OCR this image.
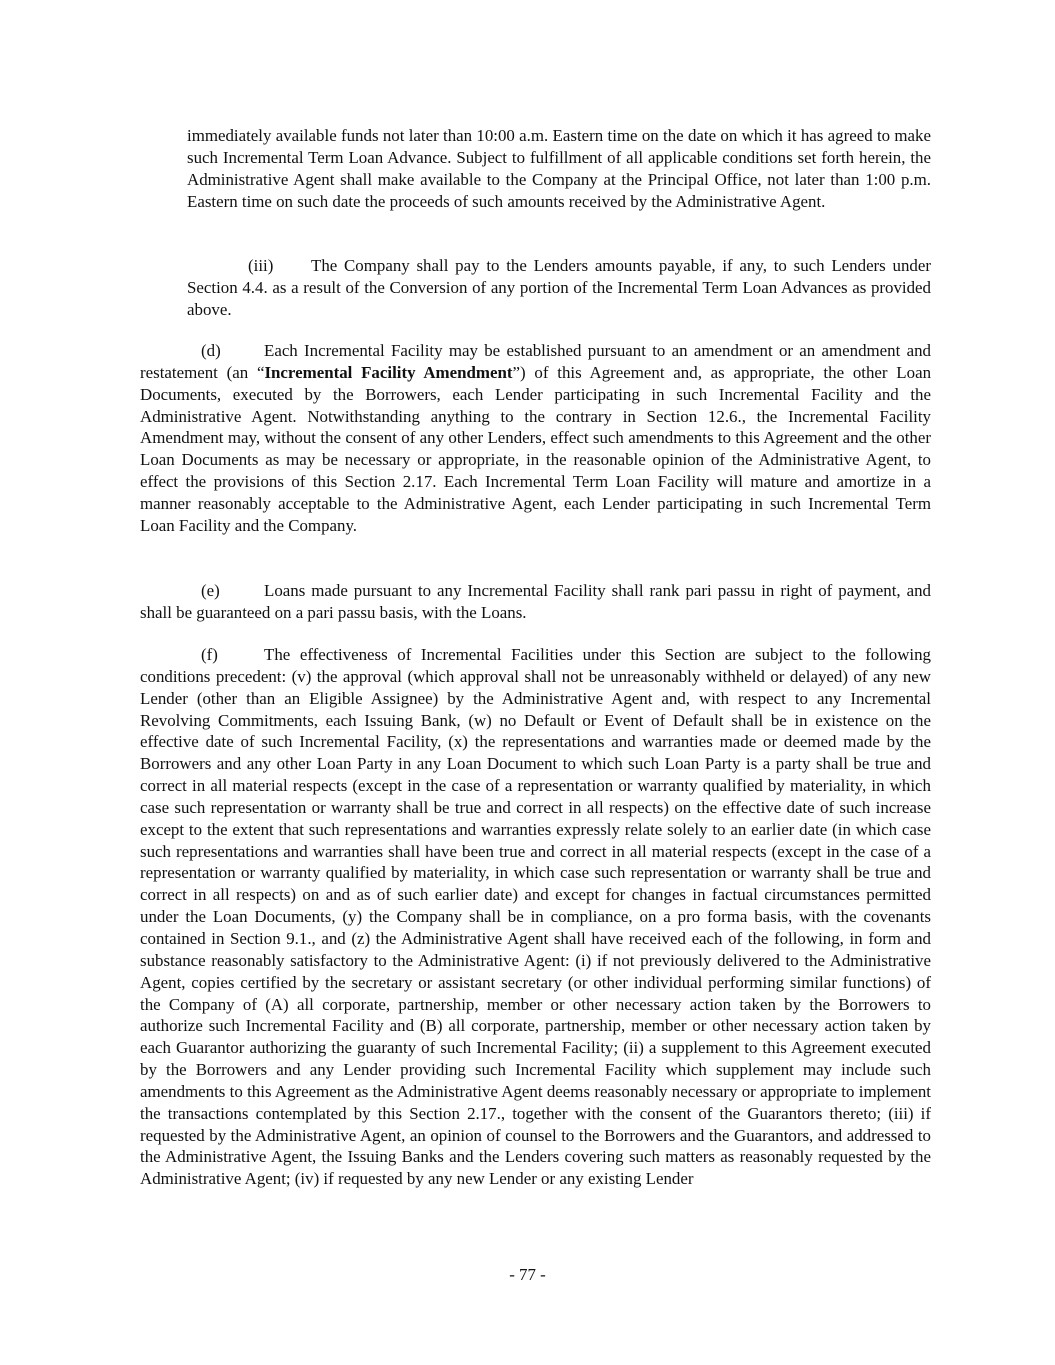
immediately available funds not later than 10:00 a.m. Eastern time on the date on which it has agreed to make such Incremental Term Loan Advance. Subject to fulfillment of all applicable conditions set forth herein, the Administrative Agent shall make available to the Company at the Principal Office, not later than 1:00 p.m. Eastern time on such date the proceeds of such amounts received by the Administrative Agent.

(iii) The Company shall pay to the Lenders amounts payable, if any, to such Lenders under Section 4.4. as a result of the Conversion of any portion of the Incremental Term Loan Advances as provided above.

(d)	Each Incremental Facility may be established pursuant to an amendment or an amendment and restatement (an “Incremental Facility Amendment”) of this Agreement and, as appropriate, the other Loan Documents, executed by the Borrowers, each Lender participating in such Incremental Facility and the Administrative Agent. Notwithstanding anything to the contrary in Section 12.6., the Incremental Facility Amendment may, without the consent of any other Lenders, effect such amendments to this Agreement and the other Loan Documents as may be necessary or appropriate, in the reasonable opinion of the Administrative Agent, to effect the provisions of this Section 2.17. Each Incremental Term Loan Facility will mature and amortize in a manner reasonably acceptable to the Administrative Agent, each Lender participating in such Incremental Term Loan Facility and the Company.

(e)	Loans made pursuant to any Incremental Facility shall rank pari passu in right of payment, and shall be guaranteed on a pari passu basis, with the Loans.

(f)	The effectiveness of Incremental Facilities under this Section are subject to the following conditions precedent: (v) the approval (which approval shall not be unreasonably withheld or delayed) of any new Lender (other than an Eligible Assignee) by the Administrative Agent and, with respect to any Incremental Revolving Commitments, each Issuing Bank, (w) no Default or Event of Default shall be in existence on the effective date of such Incremental Facility, (x) the representations and warranties made or deemed made by the Borrowers and any other Loan Party in any Loan Document to which such Loan Party is a party shall be true and correct in all material respects (except in the case of a representation or warranty qualified by materiality, in which case such representation or warranty shall be true and correct in all respects) on the effective date of such increase except to the extent that such representations and warranties expressly relate solely to an earlier date (in which case such representations and warranties shall have been true and correct in all material respects (except in the case of a representation or warranty qualified by materiality, in which case such representation or warranty shall be true and correct in all respects) on and as of such earlier date) and except for changes in factual circumstances permitted under the Loan Documents, (y) the Company shall be in compliance, on a pro forma basis, with the covenants contained in Section 9.1., and (z) the Administrative Agent shall have received each of the following, in form and substance reasonably satisfactory to the Administrative Agent: (i) if not previously delivered to the Administrative Agent, copies certified by the secretary or assistant secretary (or other individual performing similar functions) of the Company of (A) all corporate, partnership, member or other necessary action taken by the Borrowers to authorize such Incremental Facility and (B) all corporate, partnership, member or other necessary action taken by each Guarantor authorizing the guaranty of such Incremental Facility; (ii) a supplement to this Agreement executed by the Borrowers and any Lender providing such Incremental Facility which supplement may include such amendments to this Agreement as the Administrative Agent deems reasonably necessary or appropriate to implement the transactions contemplated by this Section 2.17., together with the consent of the Guarantors thereto; (iii) if requested by the Administrative Agent, an opinion of counsel to the Borrowers and the Guarantors, and addressed to the Administrative Agent, the Issuing Banks and the Lenders covering such matters as reasonably requested by the Administrative Agent; (iv) if requested by any new Lender or any existing Lender

- 77 -
